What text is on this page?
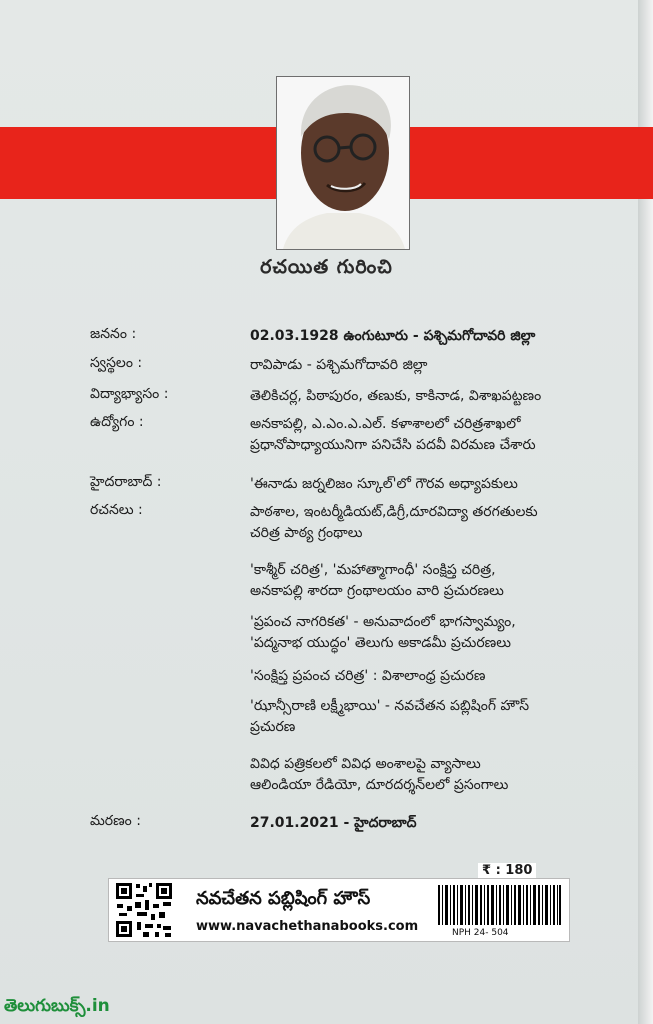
రచయిత గురించి
జననం :	02.03.1928 ఉంగుటూరు - పశ్చిమగోదావరి జిల్లా
స్వస్థలం :	రావిపాడు - పశ్చిమగోదావరి జిల్లా
విద్యాభ్యాసం :	తెలికిచర్ల, పిఠాపురం, తణుకు, కాకినాడ, విశాఖపట్టణం
ఉద్యోగం :	అనకాపల్లి, ఎ.ఎం.ఎ.ఎల్. కళాశాలలో చరిత్రశాఖలో
ప్రధానోపాధ్యాయునిగా పనిచేసి పదవీ విరమణ చేశారు
హైదరాబాద్ :	'ఈనాడు జర్నలిజం స్కూల్'లో గౌరవ అధ్యాపకులు
రచనలు :	పాఠశాల, ఇంటర్మీడియట్,డిగ్రీ,దూరవిద్యా తరగతులకు
చరిత్ర పాఠ్య గ్రంథాలు
'కాశ్మీర్ చరిత్ర', 'మహాత్మాగాంధీ' సంక్షిప్త చరిత్ర,
అనకాపల్లి శారదా గ్రంథాలయం వారి ప్రచురణలు
'ప్రపంచ నాగరికత' - అనువాదంలో భాగస్వామ్యం,
'పద్మనాభ యుద్ధం' తెలుగు అకాడమీ ప్రచురణలు
'సంక్షిప్త ప్రపంచ చరిత్ర' : విశాలాంధ్ర ప్రచురణ
'ఝాన్సీరాణి లక్ష్మీభాయి' - నవచేతన పబ్లిషింగ్ హౌస్
ప్రచురణ
వివిధ పత్రికలలో వివిధ అంశాలపై వ్యాసాలు
ఆలిండియా రేడియో, దూరదర్శన్‌లలో ప్రసంగాలు
మరణం :	27.01.2021 - హైదరాబాద్
నవచేతన పబ్లిషింగ్ హౌస్
www.navachethanabooks.com
₹ : 180
NPH 24- 504
తెలుగుబుక్స్.in
